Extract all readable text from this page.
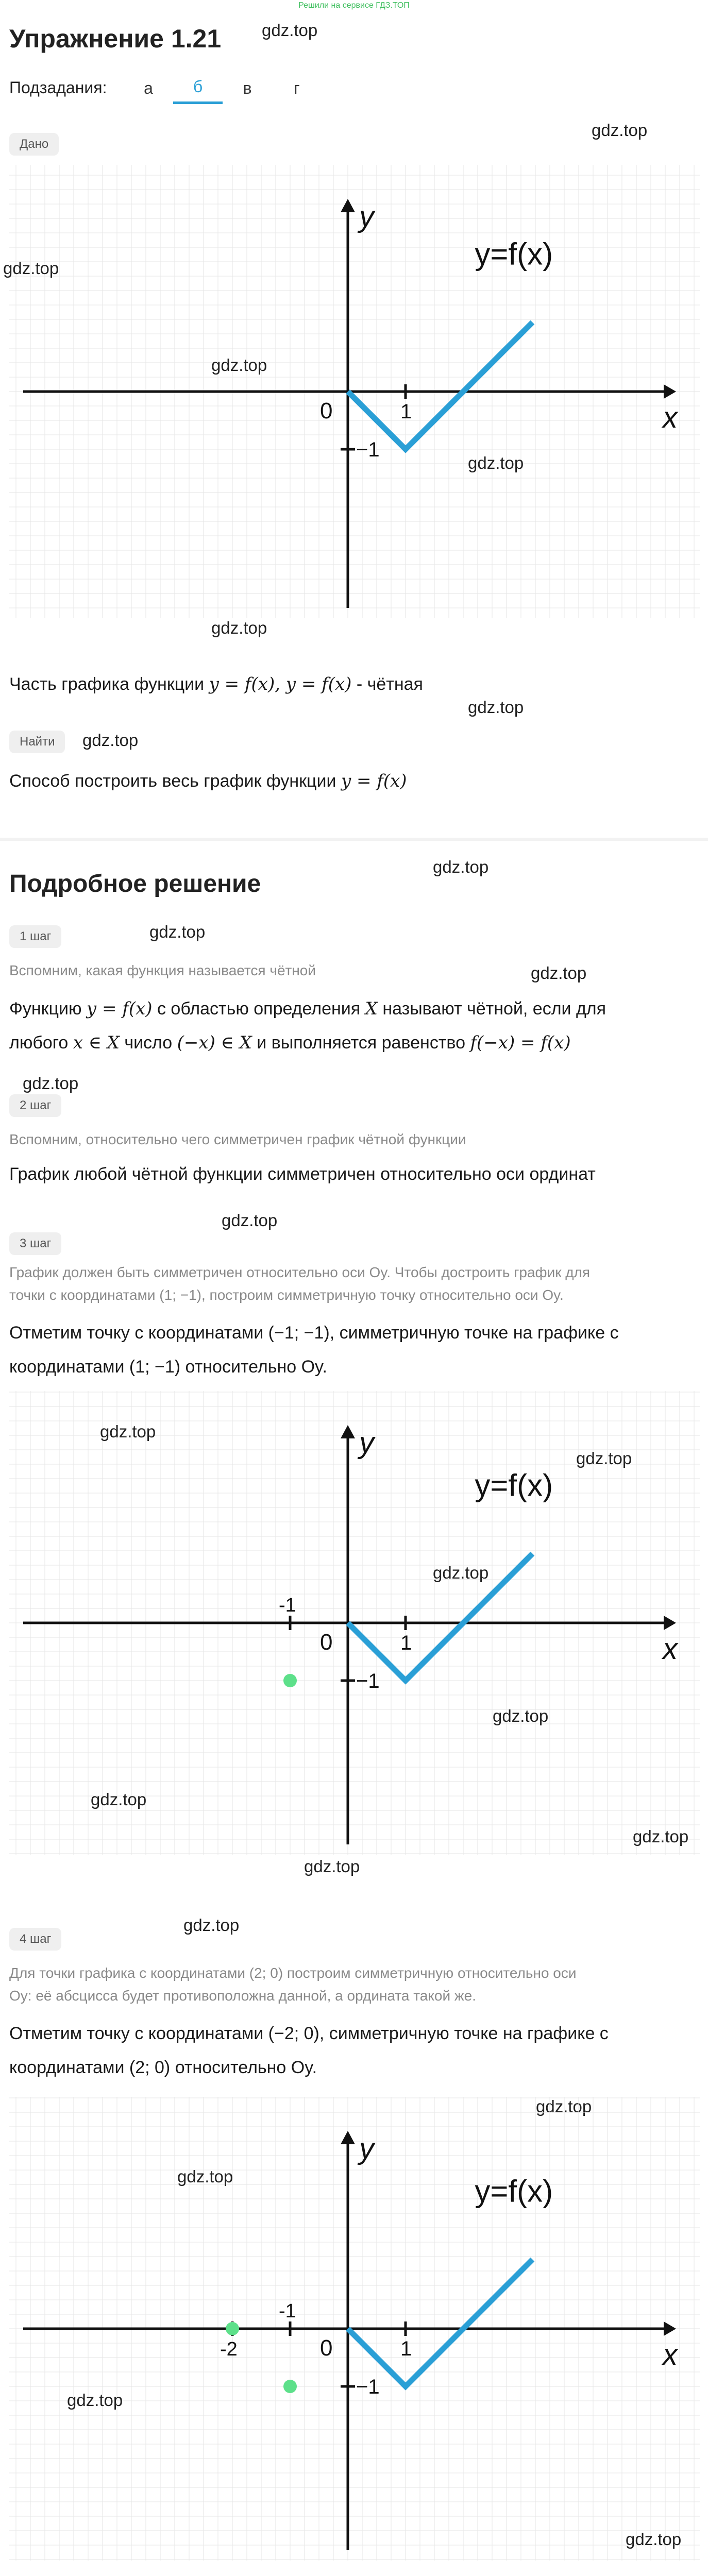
Решили на сервисе ГДЗ.ТОП
Упражнение 1.21
Подзадания:	а	б	в	г
gdz.top
Дано
gdz.top
x
y
0	1
−1
y=f(x)
gdz.top
gdz.top
gdz.top
gdz.top
Часть графика функции y = f(x), y = f(x) - чётная
gdz.top
Найти	gdz.top
Способ построить весь график функции y = f(x)
Подробное решение
gdz.top
1 шаг	gdz.top
Вспомним, какая функция называется чётной	gdz.top
Функцию y = f(x) с областью определения X называют чётной, если для
любого x ∈ X число (−x) ∈ X и выполняется равенство f(−x) = f(x)
gdz.top
2 шаг
Вспомним, относительно чего симметричен график чётной функции
График любой чётной функции симметричен относительно оси ординат
gdz.top
3 шаг
График должен быть симметричен относительно оси Oy. Чтобы достроить график для
точки с координатами (1; −1), построим симметричную точку относительно оси Oy.
Отметим точку с координатами (−1; −1), симметричную точке на графике с
координатами (1; −1) относительно Oy.
x
y
0	1
−1
-1
y=f(x)
gdz.top
gdz.top
gdz.top
gdz.top
gdz.top
gdz.top
gdz.top
gdz.top
4 шаг
Для точки графика с координатами (2; 0) построим симметричную относительно оси
Oy: её абсцисса будет противоположна данной, а ордината такой же.
Отметим точку с координатами (−2; 0), симметричную точке на графике с
координатами (2; 0) относительно Oy.
gdz.top
x
y
0	1
−1
-1
-2
y=f(x)
gdz.top
gdz.top
gdz.top
